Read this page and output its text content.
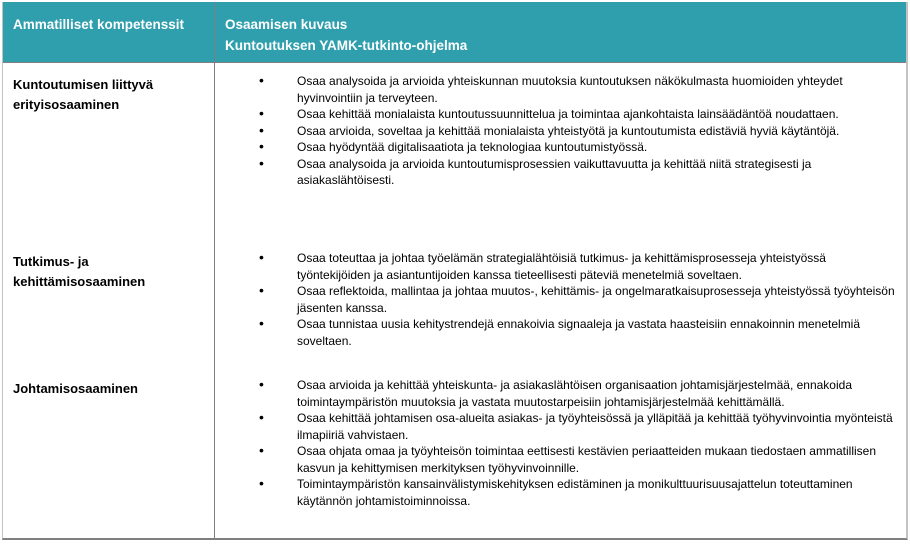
Ammatilliset kompetenssit	Osaamisen kuvaus
Kuntoutuksen YAMK-tutkinto-ohjelma
Kuntoutumisen liittyvä erityisosaaminen
• Osaa analysoida ja arvioida yhteiskunnan muutoksia kuntoutuksen näkökulmasta huomioiden yhteydet hyvinvointiin ja terveyteen.
• Osaa kehittää monialaista kuntoutussuunnittelua ja toimintaa ajankohtaista lainsäädäntöä noudattaen.
• Osaa arvioida, soveltaa ja kehittää monialaista yhteistyötä ja kuntoutumista edistäviä hyviä käytäntöjä.
• Osaa hyödyntää digitalisaatiota ja teknologiaa kuntoutumistyössä.
• Osaa analysoida ja arvioida kuntoutumisprosessien vaikuttavuutta ja kehittää niitä strategisesti ja asiakaslähtöisesti.
Tutkimus- ja kehittämisosaaminen
• Osaa toteuttaa ja johtaa työelämän strategialähtöisiä tutkimus- ja kehittämisprosesseja yhteistyössä työntekijöiden ja asiantuntijoiden kanssa tieteellisesti päteviä menetelmiä soveltaen.
• Osaa reflektoida, mallintaa ja johtaa muutos-, kehittämis- ja ongelmaratkaisuprosesseja yhteistyössä työyhteisön jäsenten kanssa.
• Osaa tunnistaa uusia kehitystrendejä ennakoivia signaaleja ja vastata haasteisiin ennakoinnin menetelmiä soveltaen.
Johtamisosaaminen	• Osaa arvioida ja kehittää yhteiskunta- ja asiakaslähtöisen organisaation johtamisjärjestelmää, ennakoida toimintaympäristön muutoksia ja vastata muutostarpeisiin johtamisjärjestelmää kehittämällä.
• Osaa kehittää johtamisen osa-alueita asiakas- ja työyhteisössä ja ylläpitää ja kehittää työhyvinvointia myönteistä ilmapiiriä vahvistaen.
• Osaa ohjata omaa ja työyhteisön toimintaa eettisesti kestävien periaatteiden mukaan tiedostaen ammatillisen kasvun ja kehittymisen merkityksen työhyvinvoinnille.
• Toimintaympäristön kansainvälistymiskehityksen edistäminen ja monikulttuurisuusajattelun toteuttaminen käytännön johtamistoiminnoissa.
